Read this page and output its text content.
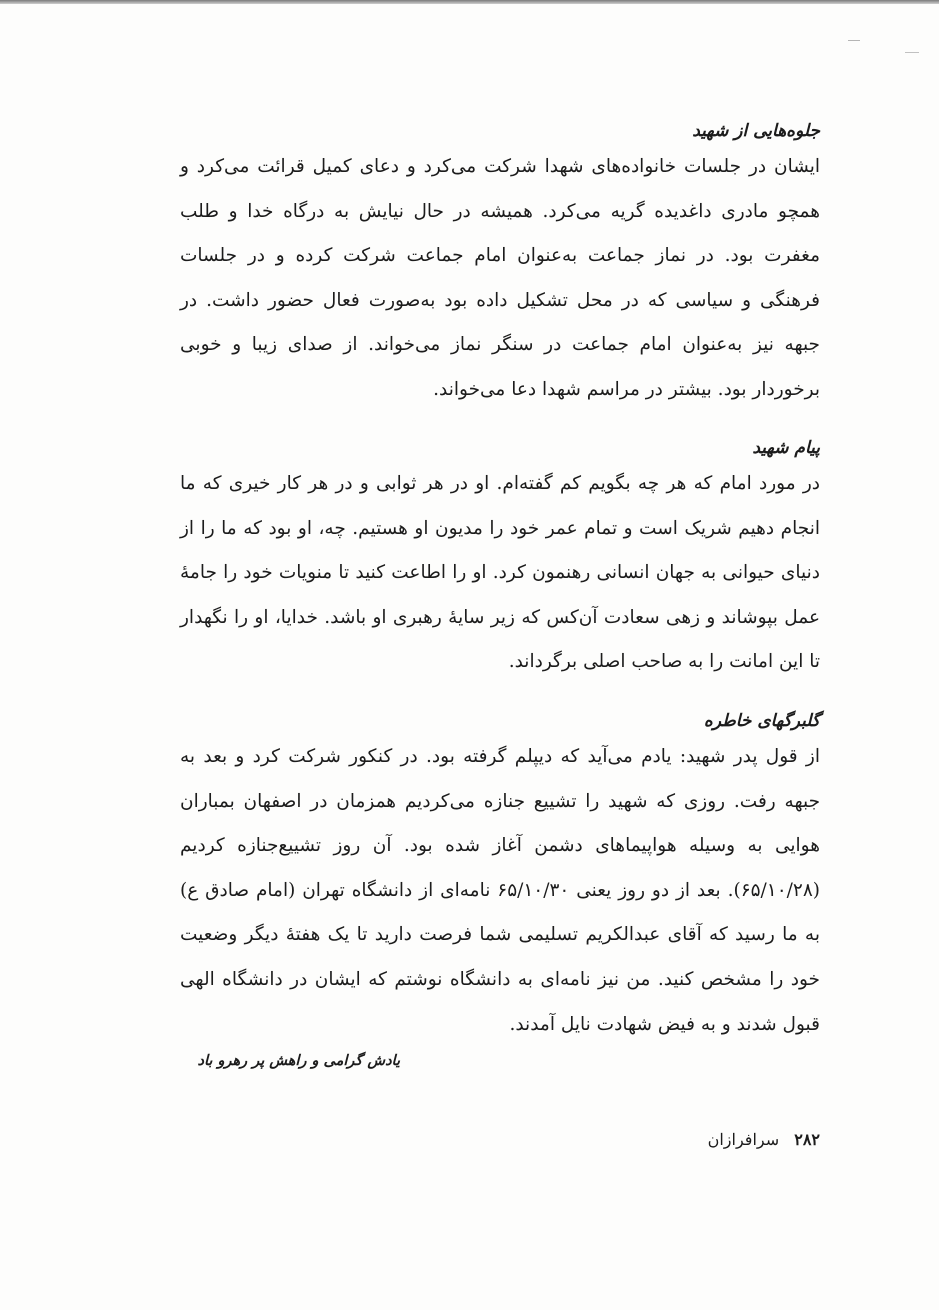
جلوه‌هایی از شهید

ایشان در جلسات خانواده‌های شهدا شرکت می‌کرد و دعای کمیل قرائت می‌کرد و همچو مادری داغدیده گریه می‌کرد. همیشه در حال نیایش به درگاه خدا و طلب مغفرت بود. در نماز جماعت به‌عنوان امام جماعت شرکت کرده و در جلسات فرهنگی و سیاسی که در محل تشکیل داده بود به‌صورت فعال حضور داشت. در جبهه نیز به‌عنوان امام جماعت در سنگر نماز می‌خواند. از صدای زیبا و خوبی برخوردار بود. بیشتر در مراسم شهدا دعا می‌خواند.

پیام شهید

در مورد امام که هر چه بگویم کم گفته‌ام. او در هر ثوابی و در هر کار خیری که ما انجام دهیم شریک است و تمام عمر خود را مدیون او هستیم. چه، او بود که ما را از دنیای حیوانی به جهان انسانی رهنمون کرد. او را اطاعت کنید تا منویات خود را جامهٔ عمل بپوشاند و زهی سعادت آن‌کس که زیر سایهٔ رهبری او باشد. خدایا، او را نگهدار تا این امانت را به صاحب اصلی برگرداند.

گلبرگهای خاطره

از قول پدر شهید: یادم می‌آید که دیپلم گرفته بود. در کنکور شرکت کرد و بعد به جبهه رفت. روزی که شهید را تشییع جنازه می‌کردیم همزمان در اصفهان بمباران هوایی به وسیله هواپیماهای دشمن آغاز شده بود. آن روز تشییع‌جنازه کردیم (۶۵/۱۰/۲۸). بعد از دو روز یعنی ۶۵/۱۰/۳۰ نامه‌ای از دانشگاه تهران (امام صادق ع) به ما رسید که آقای عبدالکریم تسلیمی شما فرصت دارید تا یک هفتهٔ دیگر وضعیت خود را مشخص کنید. من نیز نامه‌ای به دانشگاه نوشتم که ایشان در دانشگاه الهی قبول شدند و به فیض شهادت نایل آمدند.

یادش گرامی و راهش پر رهرو باد
۲۸۲ سرافرازان
